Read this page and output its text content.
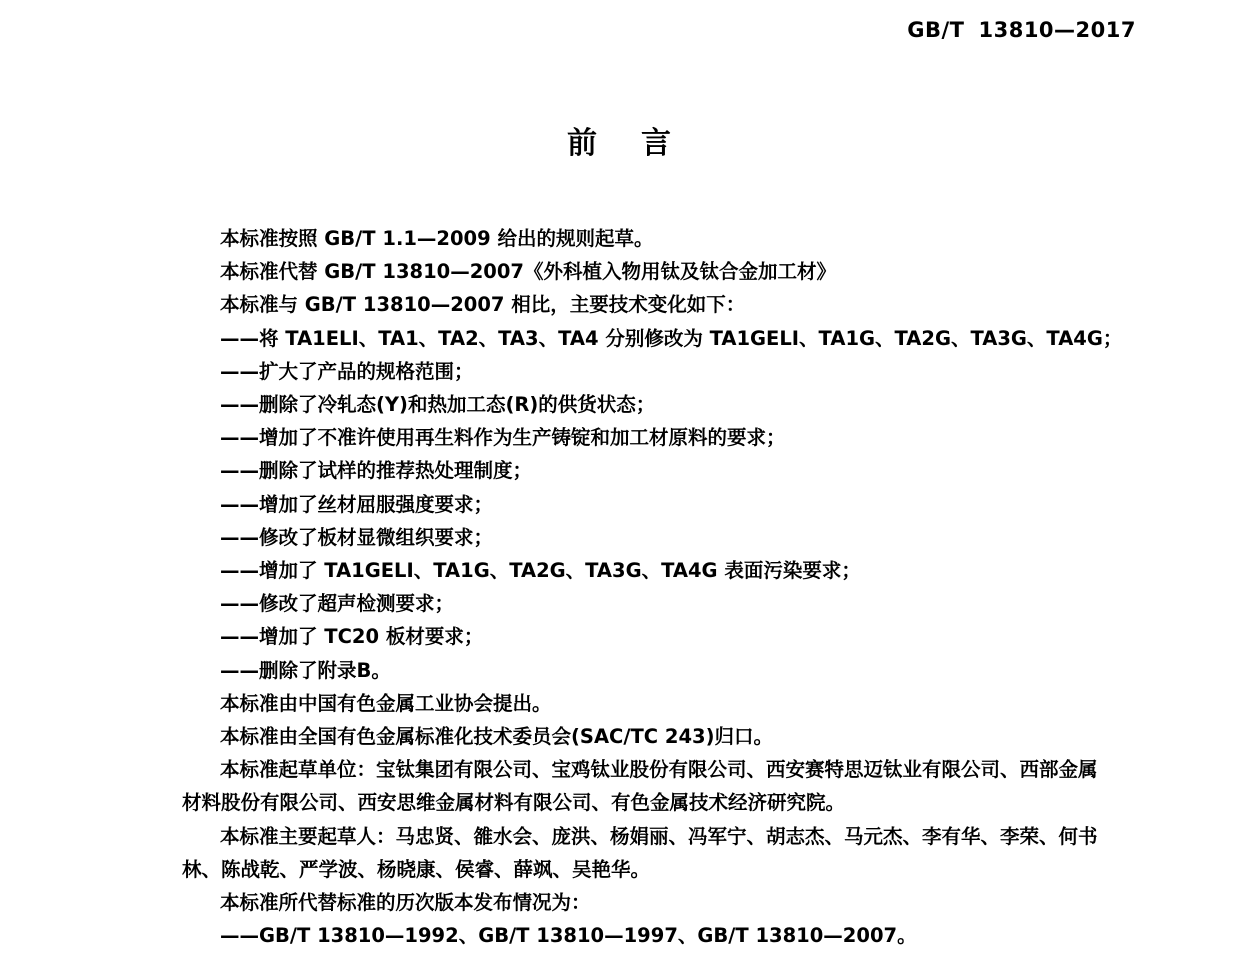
GB/T 13810—2017
前 言

本标准按照 GB/T 1.1—2009 给出的规则起草。

本标准代替 GB/T 13810—2007《外科植入物用钛及钛合金加工材》

本标准与 GB/T 13810—2007 相比，主要技术变化如下：

——将 TA1ELI、TA1、TA2、TA3、TA4 分别修改为 TA1GELI、TA1G、TA2G、TA3G、TA4G；

——扩大了产品的规格范围；

——删除了冷轧态(Y)和热加工态(R)的供货状态；

——增加了不准许使用再生料作为生产铸锭和加工材原料的要求；

——删除了试样的推荐热处理制度；

——增加了丝材屈服强度要求；

——修改了板材显微组织要求；

——增加了 TA1GELI、TA1G、TA2G、TA3G、TA4G 表面污染要求；

——修改了超声检测要求；

——增加了 TC20 板材要求；

——删除了附录B。

本标准由中国有色金属工业协会提出。

本标准由全国有色金属标准化技术委员会(SAC/TC 243)归口。

本标准起草单位：宝钛集团有限公司、宝鸡钛业股份有限公司、西安赛特思迈钛业有限公司、西部金属材料股份有限公司、西安思维金属材料有限公司、有色金属技术经济研究院。

本标准主要起草人：马忠贤、雒水会、庞洪、杨娟丽、冯军宁、胡志杰、马元杰、李有华、李荣、何书林、陈战乾、严学波、杨晓康、侯睿、薛飒、吴艳华。

本标准所代替标准的历次版本发布情况为：

——GB/T 13810—1992、GB/T 13810—1997、GB/T 13810—2007。
